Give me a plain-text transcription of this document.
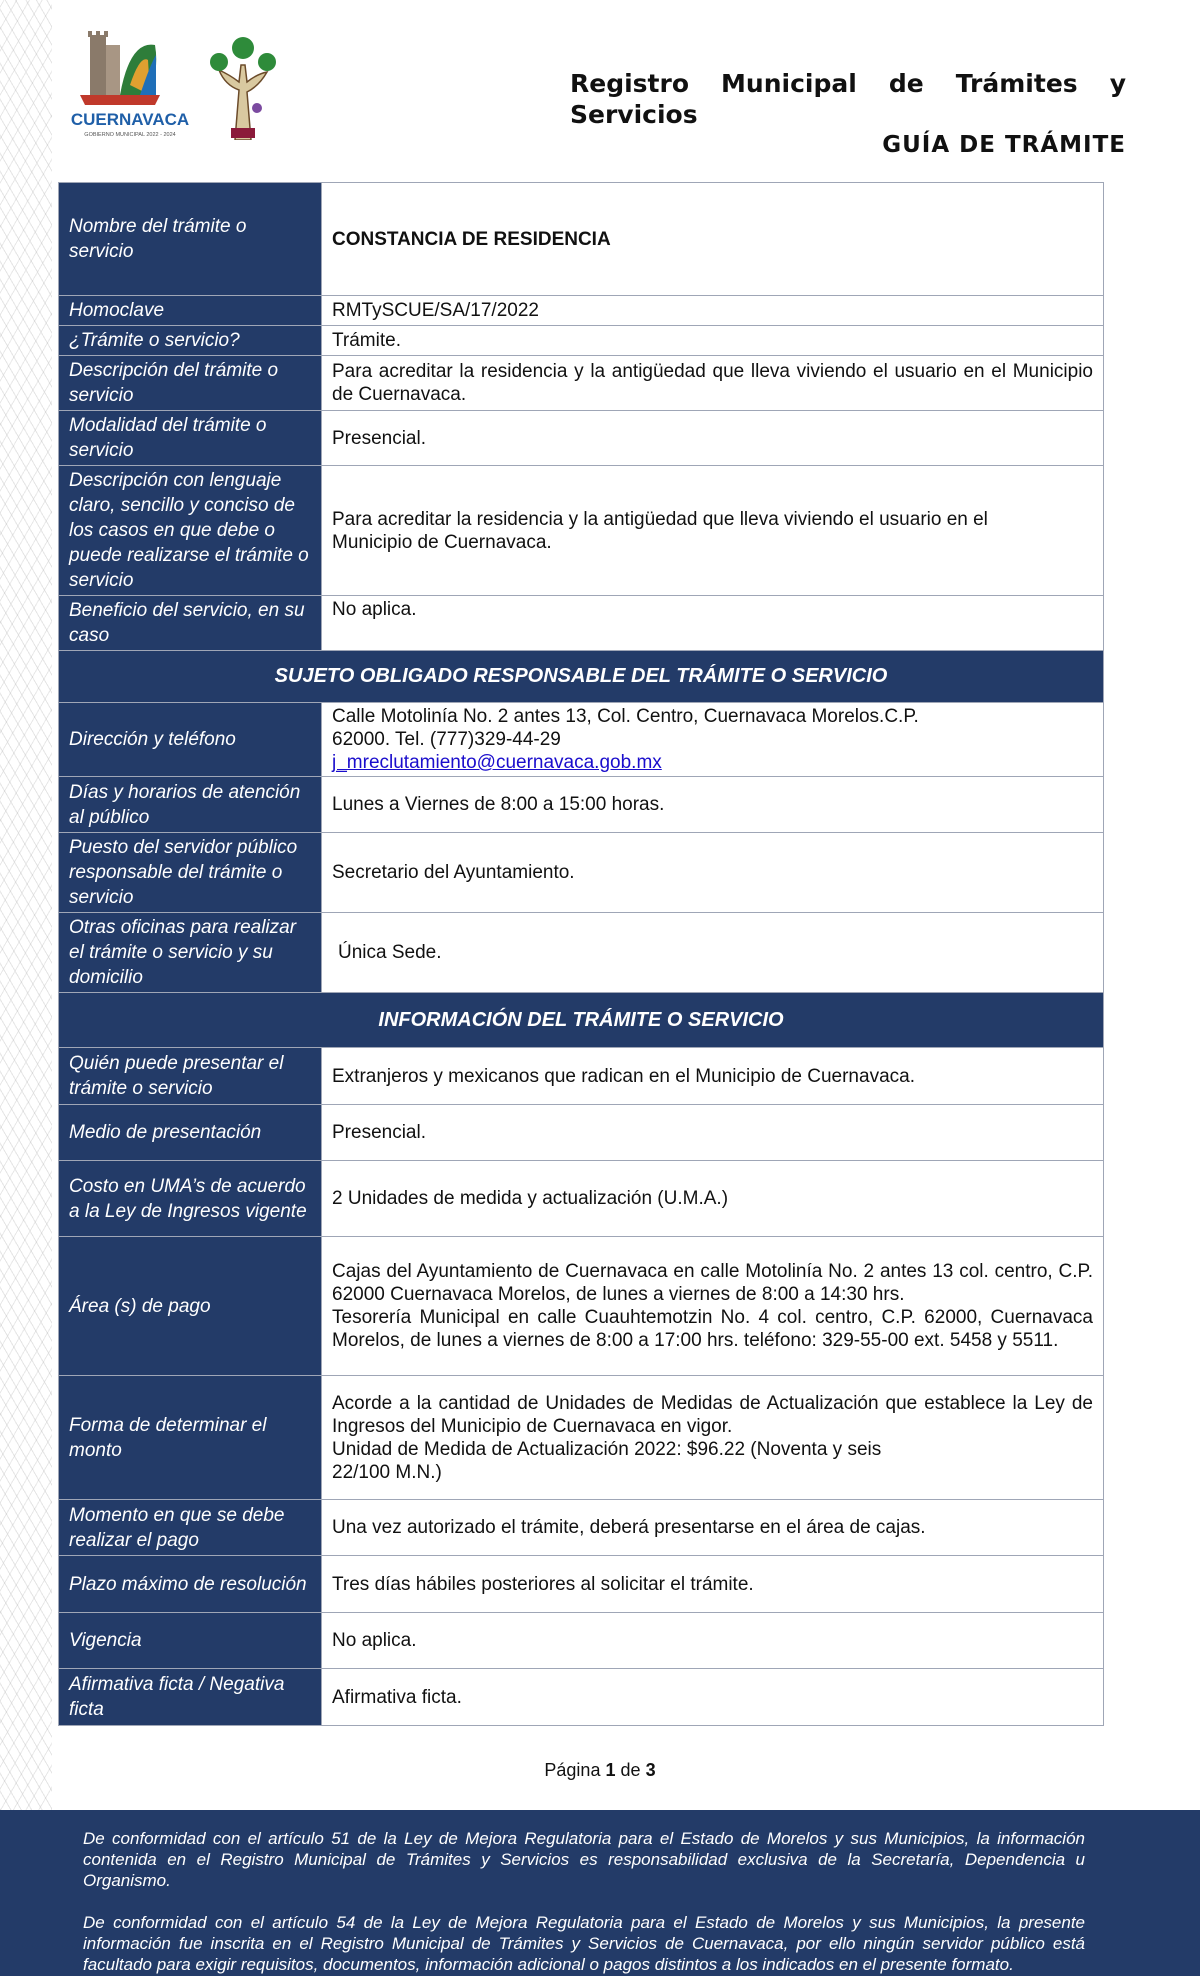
CUERNAVACA
GOBIERNO MUNICIPAL 2022 - 2024
Registro Municipal de Trámites y Servicios
GUÍA DE TRÁMITE
Nombre del trámite o servicio	CONSTANCIA DE RESIDENCIA
Homoclave	RMTySCUE/SA/17/2022
¿Trámite o servicio?	Trámite.
Descripción del trámite o servicio	Para acreditar la residencia y la antigüedad que lleva viviendo el usuario en el Municipio de Cuernavaca.
Modalidad del trámite o servicio	Presencial.
Descripción con lenguaje claro, sencillo y conciso de los casos en que debe o puede realizarse el trámite o servicio	Para acreditar la residencia y la antigüedad que lleva viviendo el usuario en el Municipio de Cuernavaca.
Beneficio del servicio, en su caso	No aplica.
SUJETO OBLIGADO RESPONSABLE DEL TRÁMITE O SERVICIO	
Dirección y teléfono	Calle Motolinía No. 2 antes 13, Col. Centro, Cuernavaca Morelos.C.P. 62000. Tel. (777)329-44-29
j_mreclutamiento@cuernavaca.gob.mx
Días y horarios de atención al público	Lunes a Viernes de 8:00 a 15:00 horas.
Puesto del servidor público responsable del trámite o servicio	Secretario del Ayuntamiento.
Otras oficinas para realizar el trámite o servicio y su domicilio	Única Sede.
INFORMACIÓN DEL TRÁMITE O SERVICIO	
Quién puede presentar el trámite o servicio	Extranjeros y mexicanos que radican en el Municipio de Cuernavaca.
Medio de presentación	Presencial.
Costo en UMA’s de acuerdo a la Ley de Ingresos vigente	2 Unidades de medida y actualización (U.M.A.)
Área (s) de pago	Cajas del Ayuntamiento de Cuernavaca en calle Motolinía No. 2 antes 13 col. centro, C.P. 62000 Cuernavaca Morelos, de lunes a viernes de 8:00 a 14:30 hrs.
Tesorería Municipal en calle Cuauhtemotzin No. 4 col. centro, C.P. 62000, Cuernavaca Morelos, de lunes a viernes de 8:00 a 17:00 hrs. teléfono: 329-55-00 ext. 5458 y 5511.

Forma de determinar el monto	Acorde a la cantidad de Unidades de Medidas de Actualización que establece la Ley de Ingresos del Municipio de Cuernavaca en vigor.
Unidad de Medida de Actualización 2022: $96.22 (Noventa y seis 22/100 M.N.)

Momento en que se debe realizar el pago	Una vez autorizado el trámite, deberá presentarse en el área de cajas.
Plazo máximo de resolución	Tres días hábiles posteriores al solicitar el trámite.
Vigencia	No aplica.
Afirmativa ficta / Negativa ficta	Afirmativa ficta.
Página 1 de 3

De conformidad con el artículo 51 de la Ley de Mejora Regulatoria para el Estado de Morelos y sus Municipios, la información contenida en el Registro Municipal de Trámites y Servicios es responsabilidad exclusiva de la Secretaría, Dependencia u Organismo.

De conformidad con el artículo 54 de la Ley de Mejora Regulatoria para el Estado de Morelos y sus Municipios, la presente información fue inscrita en el Registro Municipal de Trámites y Servicios de Cuernavaca, por ello ningún servidor público está facultado para exigir requisitos, documentos, información adicional o pagos distintos a los indicados en el presente formato.
